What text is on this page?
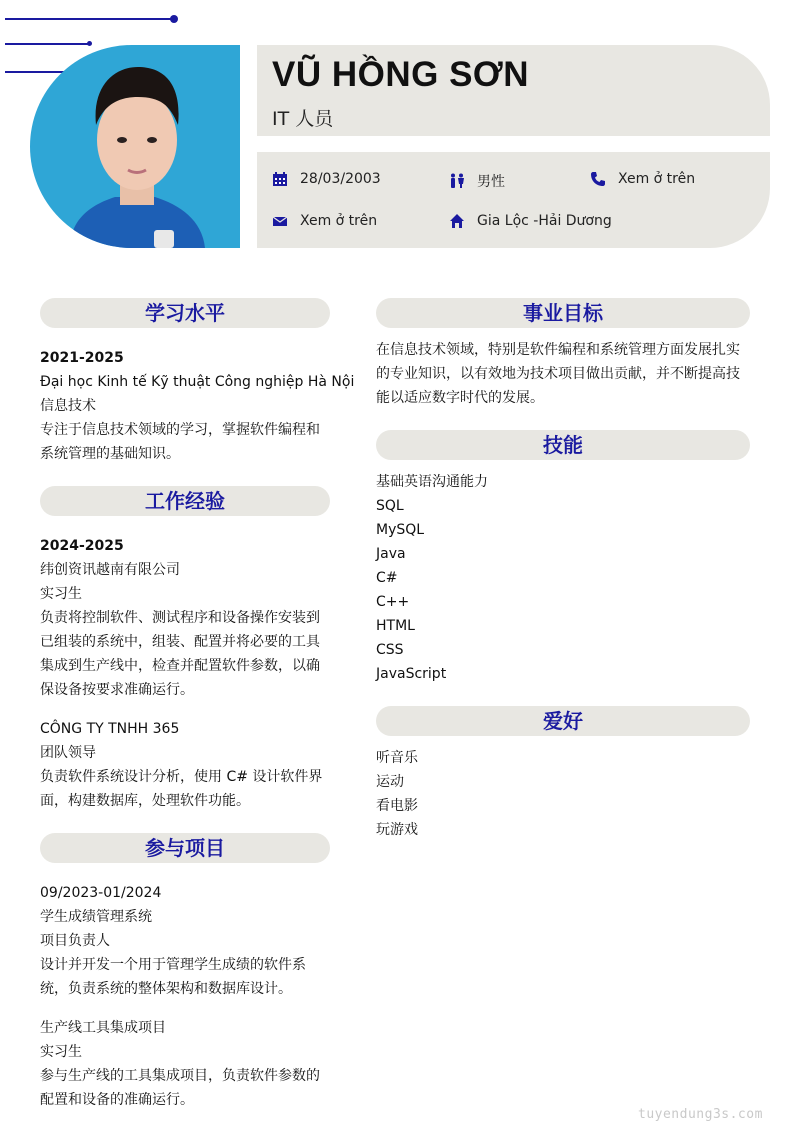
VŨ HỒNG SƠN
IT 人员
28/03/2003	男性	Xem ở trên
Xem ở trên	Gia Lộc -Hải Dương
学习水平
2021-2025
Đại học Kinh tế Kỹ thuật Công nghiệp Hà Nội
信息技术
专注于信息技术领域的学习，掌握软件编程和
系统管理的基础知识。
工作经验
2024-2025
纬创资讯越南有限公司
实习生
负责将控制软件、测试程序和设备操作安装到
已组装的系统中，组装、配置并将必要的工具
集成到生产线中，检查并配置软件参数，以确
保设备按要求准确运行。
CÔNG TY TNHH 365
团队领导
负责软件系统设计分析，使用 C# 设计软件界
面，构建数据库，处理软件功能。
参与项目
09/2023-01/2024
学生成绩管理系统
项目负责人
设计并开发一个用于管理学生成绩的软件系
统，负责系统的整体架构和数据库设计。
生产线工具集成项目
实习生
参与生产线的工具集成项目，负责软件参数的
配置和设备的准确运行。
事业目标
在信息技术领域，特别是软件编程和系统管理方面发展扎实
的专业知识，以有效地为技术项目做出贡献，并不断提高技
能以适应数字时代的发展。
技能
基础英语沟通能力
SQL
MySQL
Java
C#
C++
HTML
CSS
JavaScript
爱好
听音乐
运动
看电影
玩游戏
tuyendung3s.com
